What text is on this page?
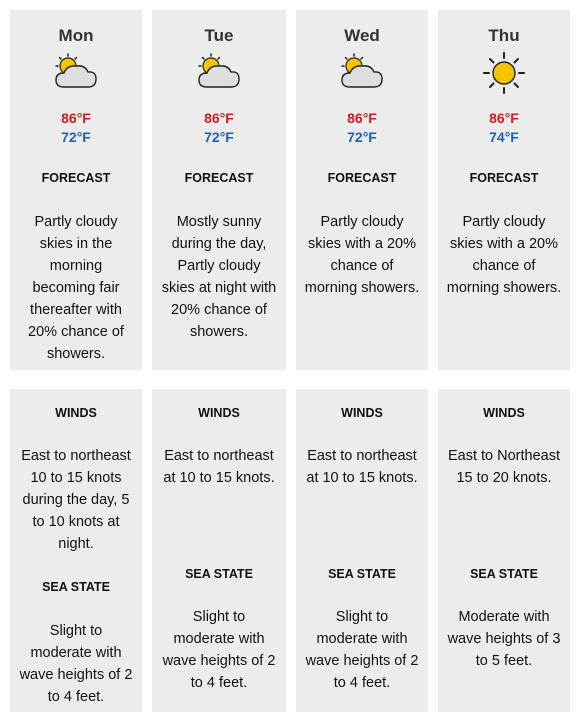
Mon
86°F
72°F
FORECAST
Partly cloudy
skies in the
morning
becoming fair
thereafter with
20% chance of
showers.
Tue
86°F
72°F
FORECAST
Mostly sunny
during the day,
Partly cloudy
skies at night with
20% chance of
showers.
Wed
86°F
72°F
FORECAST
Partly cloudy
skies with a 20%
chance of
morning showers.
Thu
86°F
74°F
FORECAST
Partly cloudy
skies with a 20%
chance of
morning showers.
WINDS
East to northeast
10 to 15 knots
during the day, 5
to 10 knots at
night.
SEA STATE
Slight to
moderate with
wave heights of 2
to 4 feet.
WINDS
East to northeast
at 10 to 15 knots.
SEA STATE
Slight to
moderate with
wave heights of 2
to 4 feet.
WINDS
East to northeast
at 10 to 15 knots.
SEA STATE
Slight to
moderate with
wave heights of 2
to 4 feet.
WINDS
East to Northeast
15 to 20 knots.
SEA STATE
Moderate with
wave heights of 3
to 5 feet.
